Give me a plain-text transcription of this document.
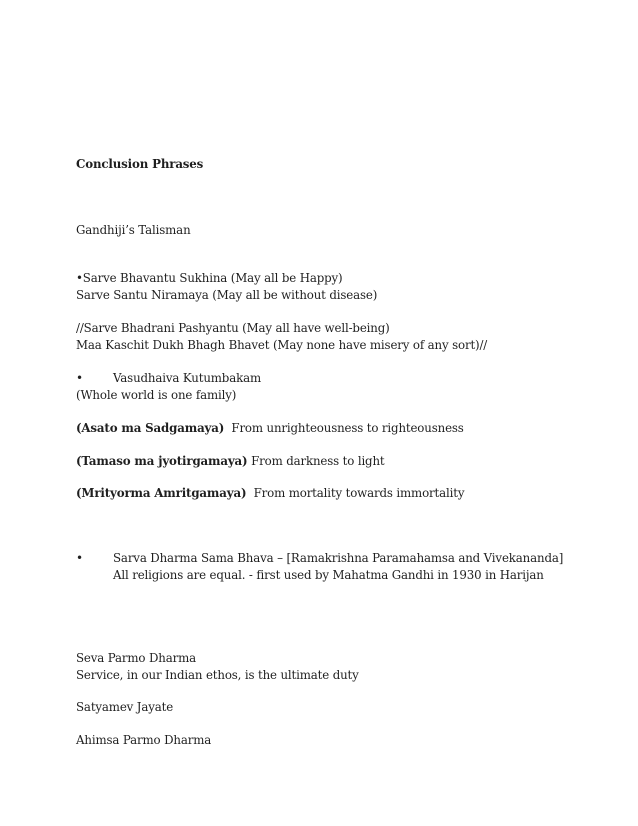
Conclusion Phrases
Gandhiji’s Talisman
•Sarve Bhavantu Sukhina (May all be Happy)
Sarve Santu Niramaya (May all be without disease)
//Sarve Bhadrani Pashyantu (May all have well-being)
Maa Kaschit Dukh Bhagh Bhavet (May none have misery of any sort)//
•	Vasudhaiva Kutumbakam
(Whole world is one family)
(Asato ma Sadgamaya)  From unrighteousness to righteousness
(Tamaso ma jyotirgamaya) From darkness to light
(Mrityorma Amritgamaya)  From mortality towards immortality
•	Sarva Dharma Sama Bhava – [Ramakrishna Paramahamsa and Vivekananda]
All religions are equal. - first used by Mahatma Gandhi in 1930 in Harijan
Seva Parmo Dharma
Service, in our Indian ethos, is the ultimate duty
Satyamev Jayate
Ahimsa Parmo Dharma
